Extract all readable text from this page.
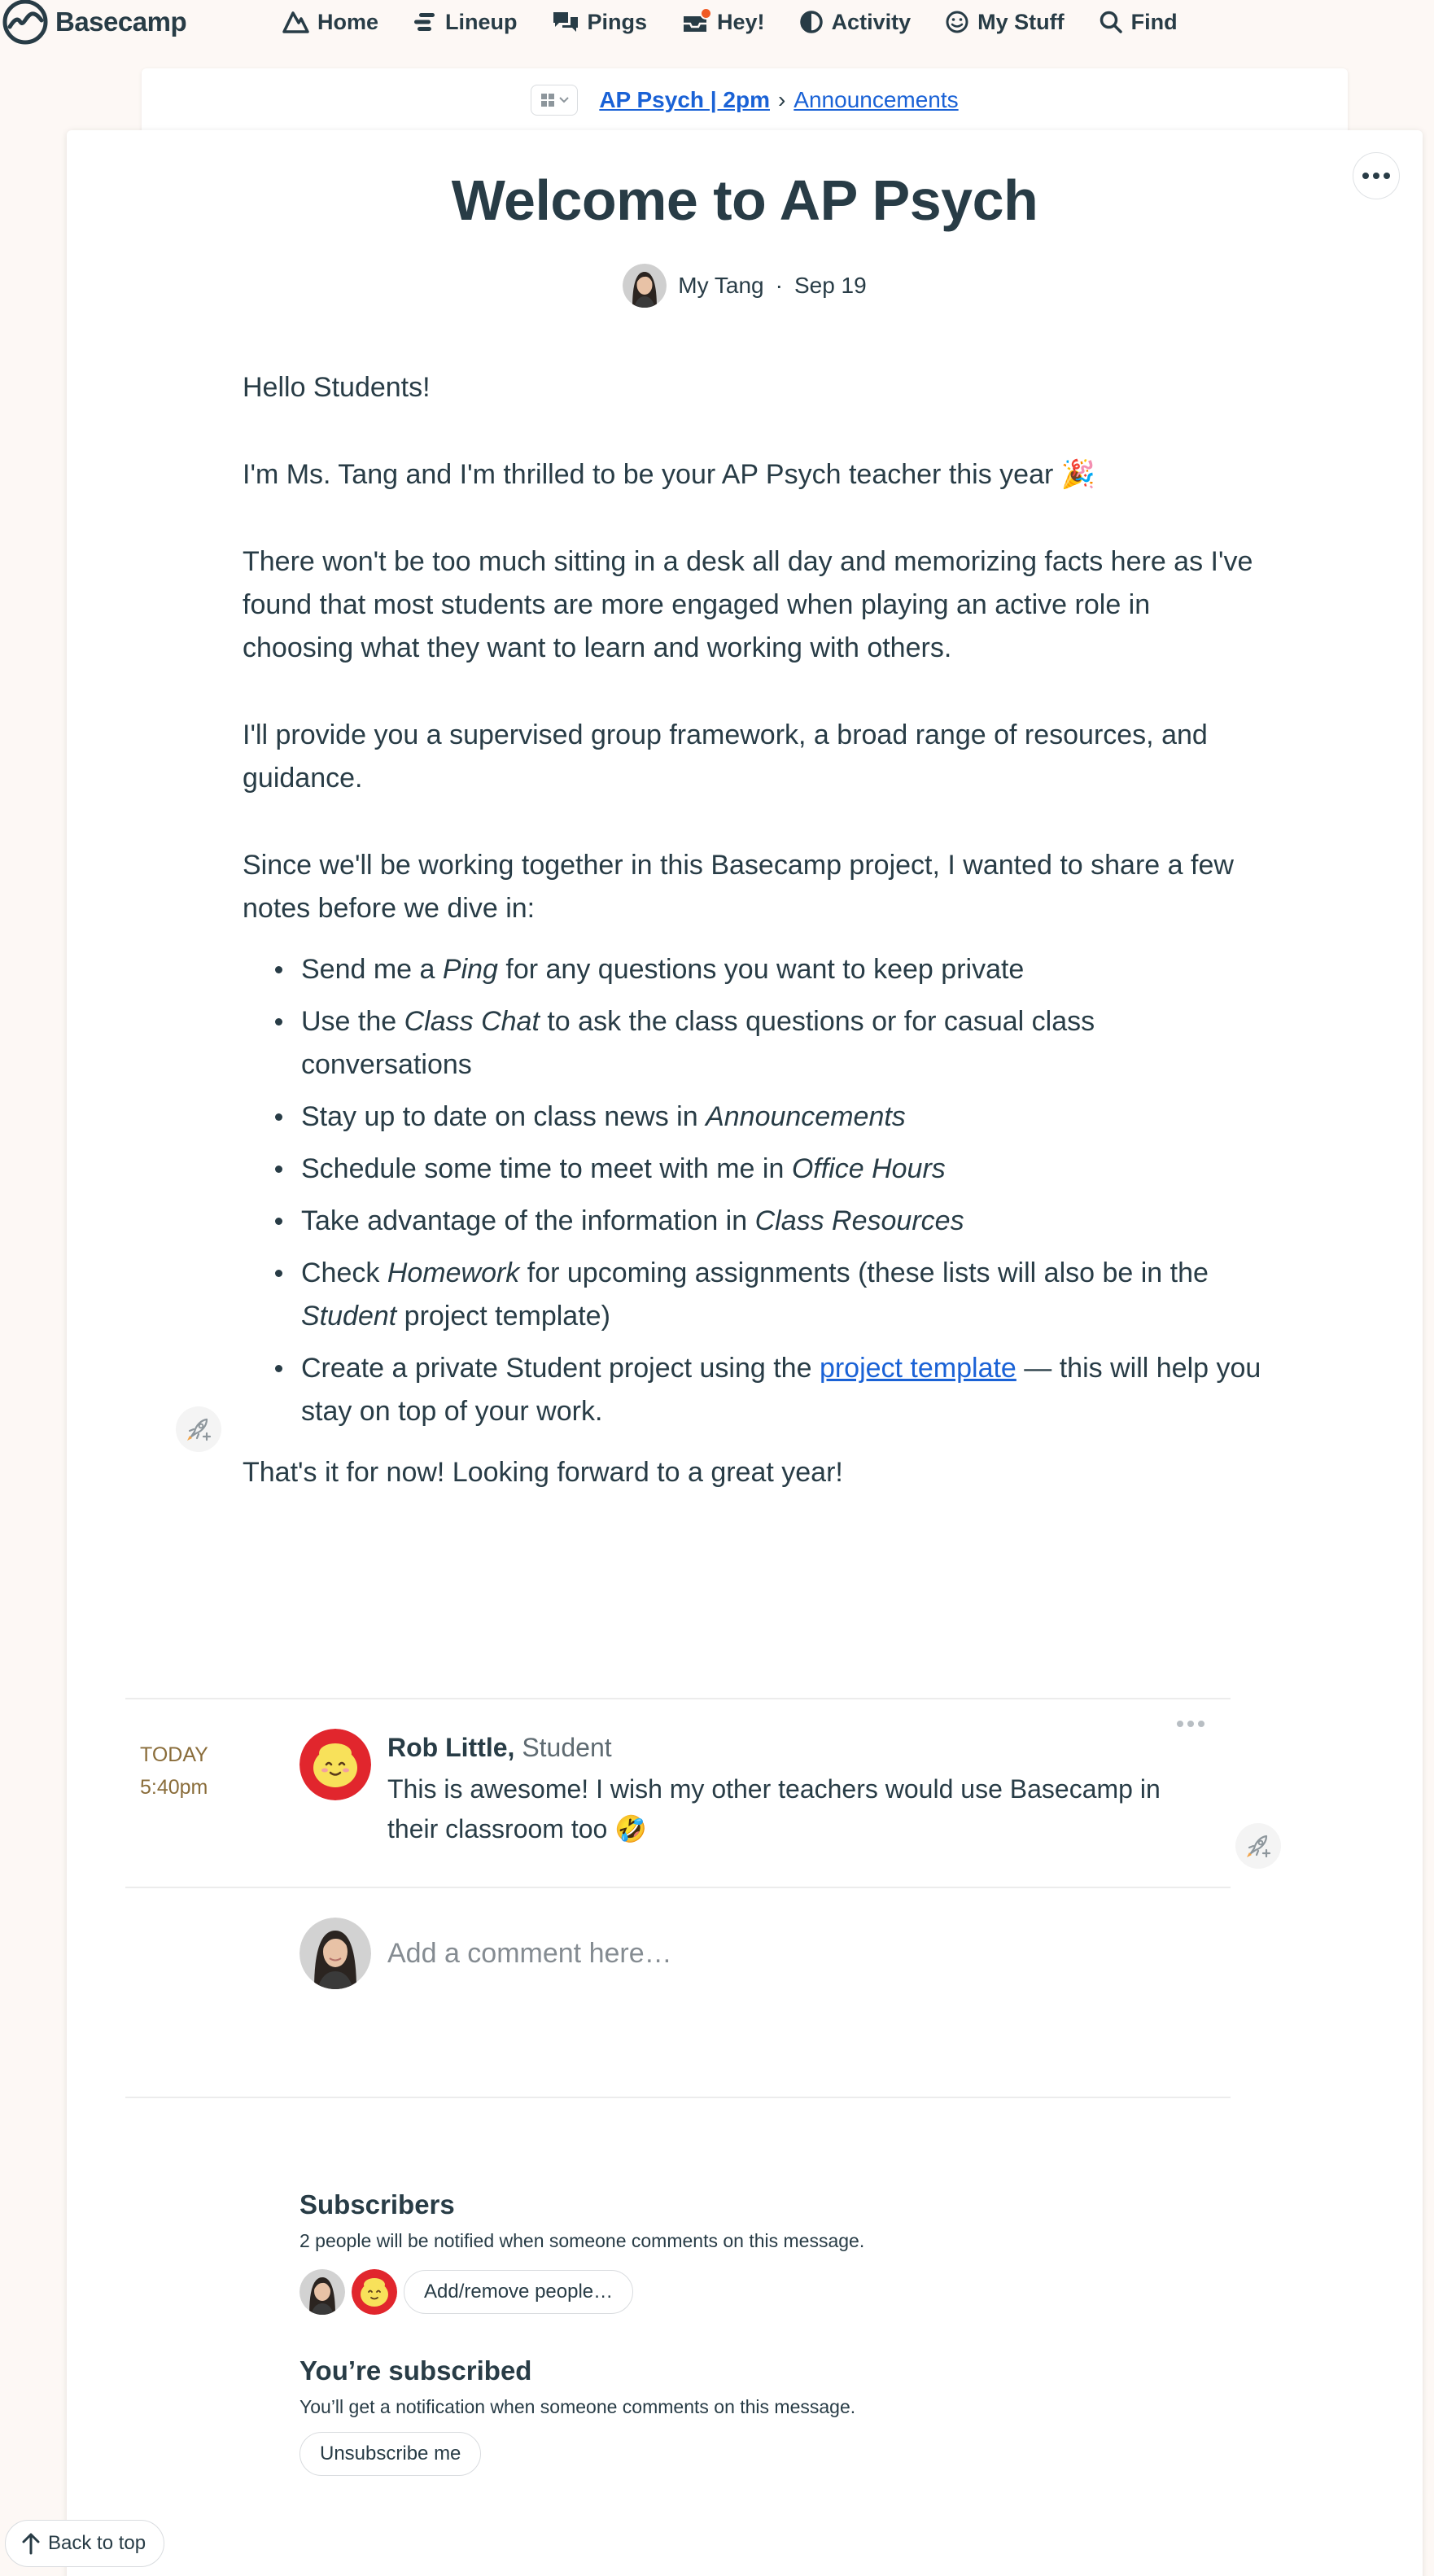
Basecamp	Home	Lineup	Pings	Hey!	Activity	My Stuff	Find
AP Psych | 2pm › Announcements
Welcome to AP Psych
My Tang · Sep 19

Hello Students!

I'm Ms. Tang and I'm thrilled to be your AP Psych teacher this year 🎉

There won't be too much sitting in a desk all day and memorizing facts here as I've found that most students are more engaged when playing an active role in choosing what they want to learn and working with others.

I'll provide you a supervised group framework, a broad range of resources, and guidance.

Since we'll be working together in this Basecamp project, I wanted to share a few notes before we dive in:

Send me a Ping for any questions you want to keep private
Use the Class Chat to ask the class questions or for casual class conversations
Stay up to date on class news in Announcements
Schedule some time to meet with me in Office Hours
Take advantage of the information in Class Resources
Check Homework for upcoming assignments (these lists will also be in the Student project template)
Create a private Student project using the project template — this will help you stay on top of your work.

That's it for now! Looking forward to a great year!

TODAY
5:40pm
Rob Little, Student
This is awesome! I wish my other teachers would use Basecamp in their classroom too 🤣
Add a comment here…
Subscribers
2 people will be notified when someone comments on this message.
Add/remove people…
You’re subscribed
You’ll get a notification when someone comments on this message.
Unsubscribe me
Back to top
